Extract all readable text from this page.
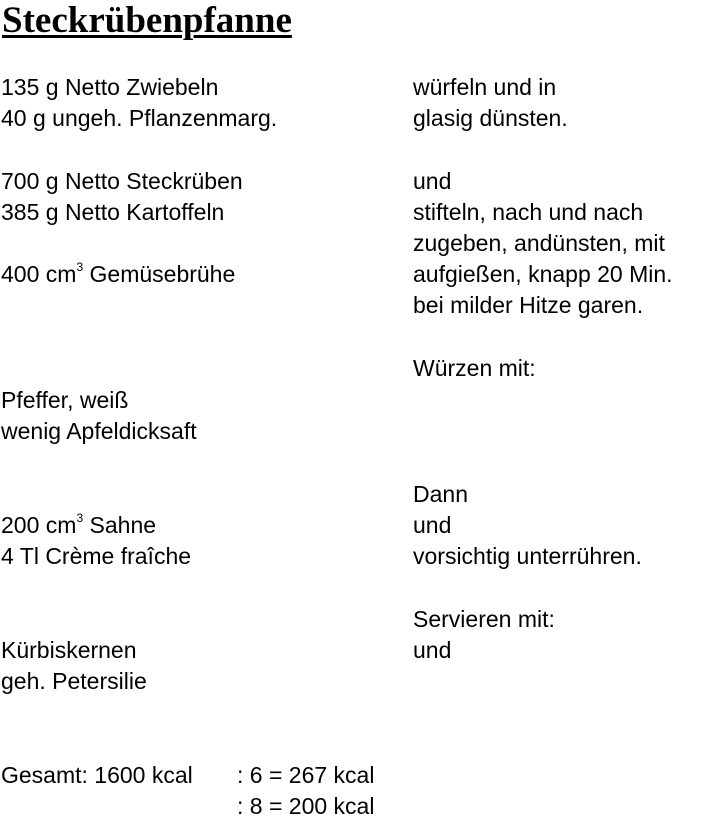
Steckrübenpfanne
135 g Netto Zwiebeln
40 g ungeh. Pflanzenmarg.
700 g Netto Steckrüben
385 g Netto Kartoffeln
400 $cm^3$ Gemüsebrühe
Pfeffer, weiß
wenig Apfeldicksaft
200 $cm^3$ Sahne
4 Tl Crème fraîche
Kürbiskernen
geh. Petersilie
würfeln und in
glasig dünsten.
und
stifteln, nach und nach
zugeben, andünsten, mit
aufgießen, knapp 20 Min.
bei milder Hitze garen.
Würzen mit:
Dann
und
vorsichtig unterrühren.
Servieren mit:
und
Gesamt: 1600 kcal : 6 = 267 kcal
: 8 = 200 kcal
